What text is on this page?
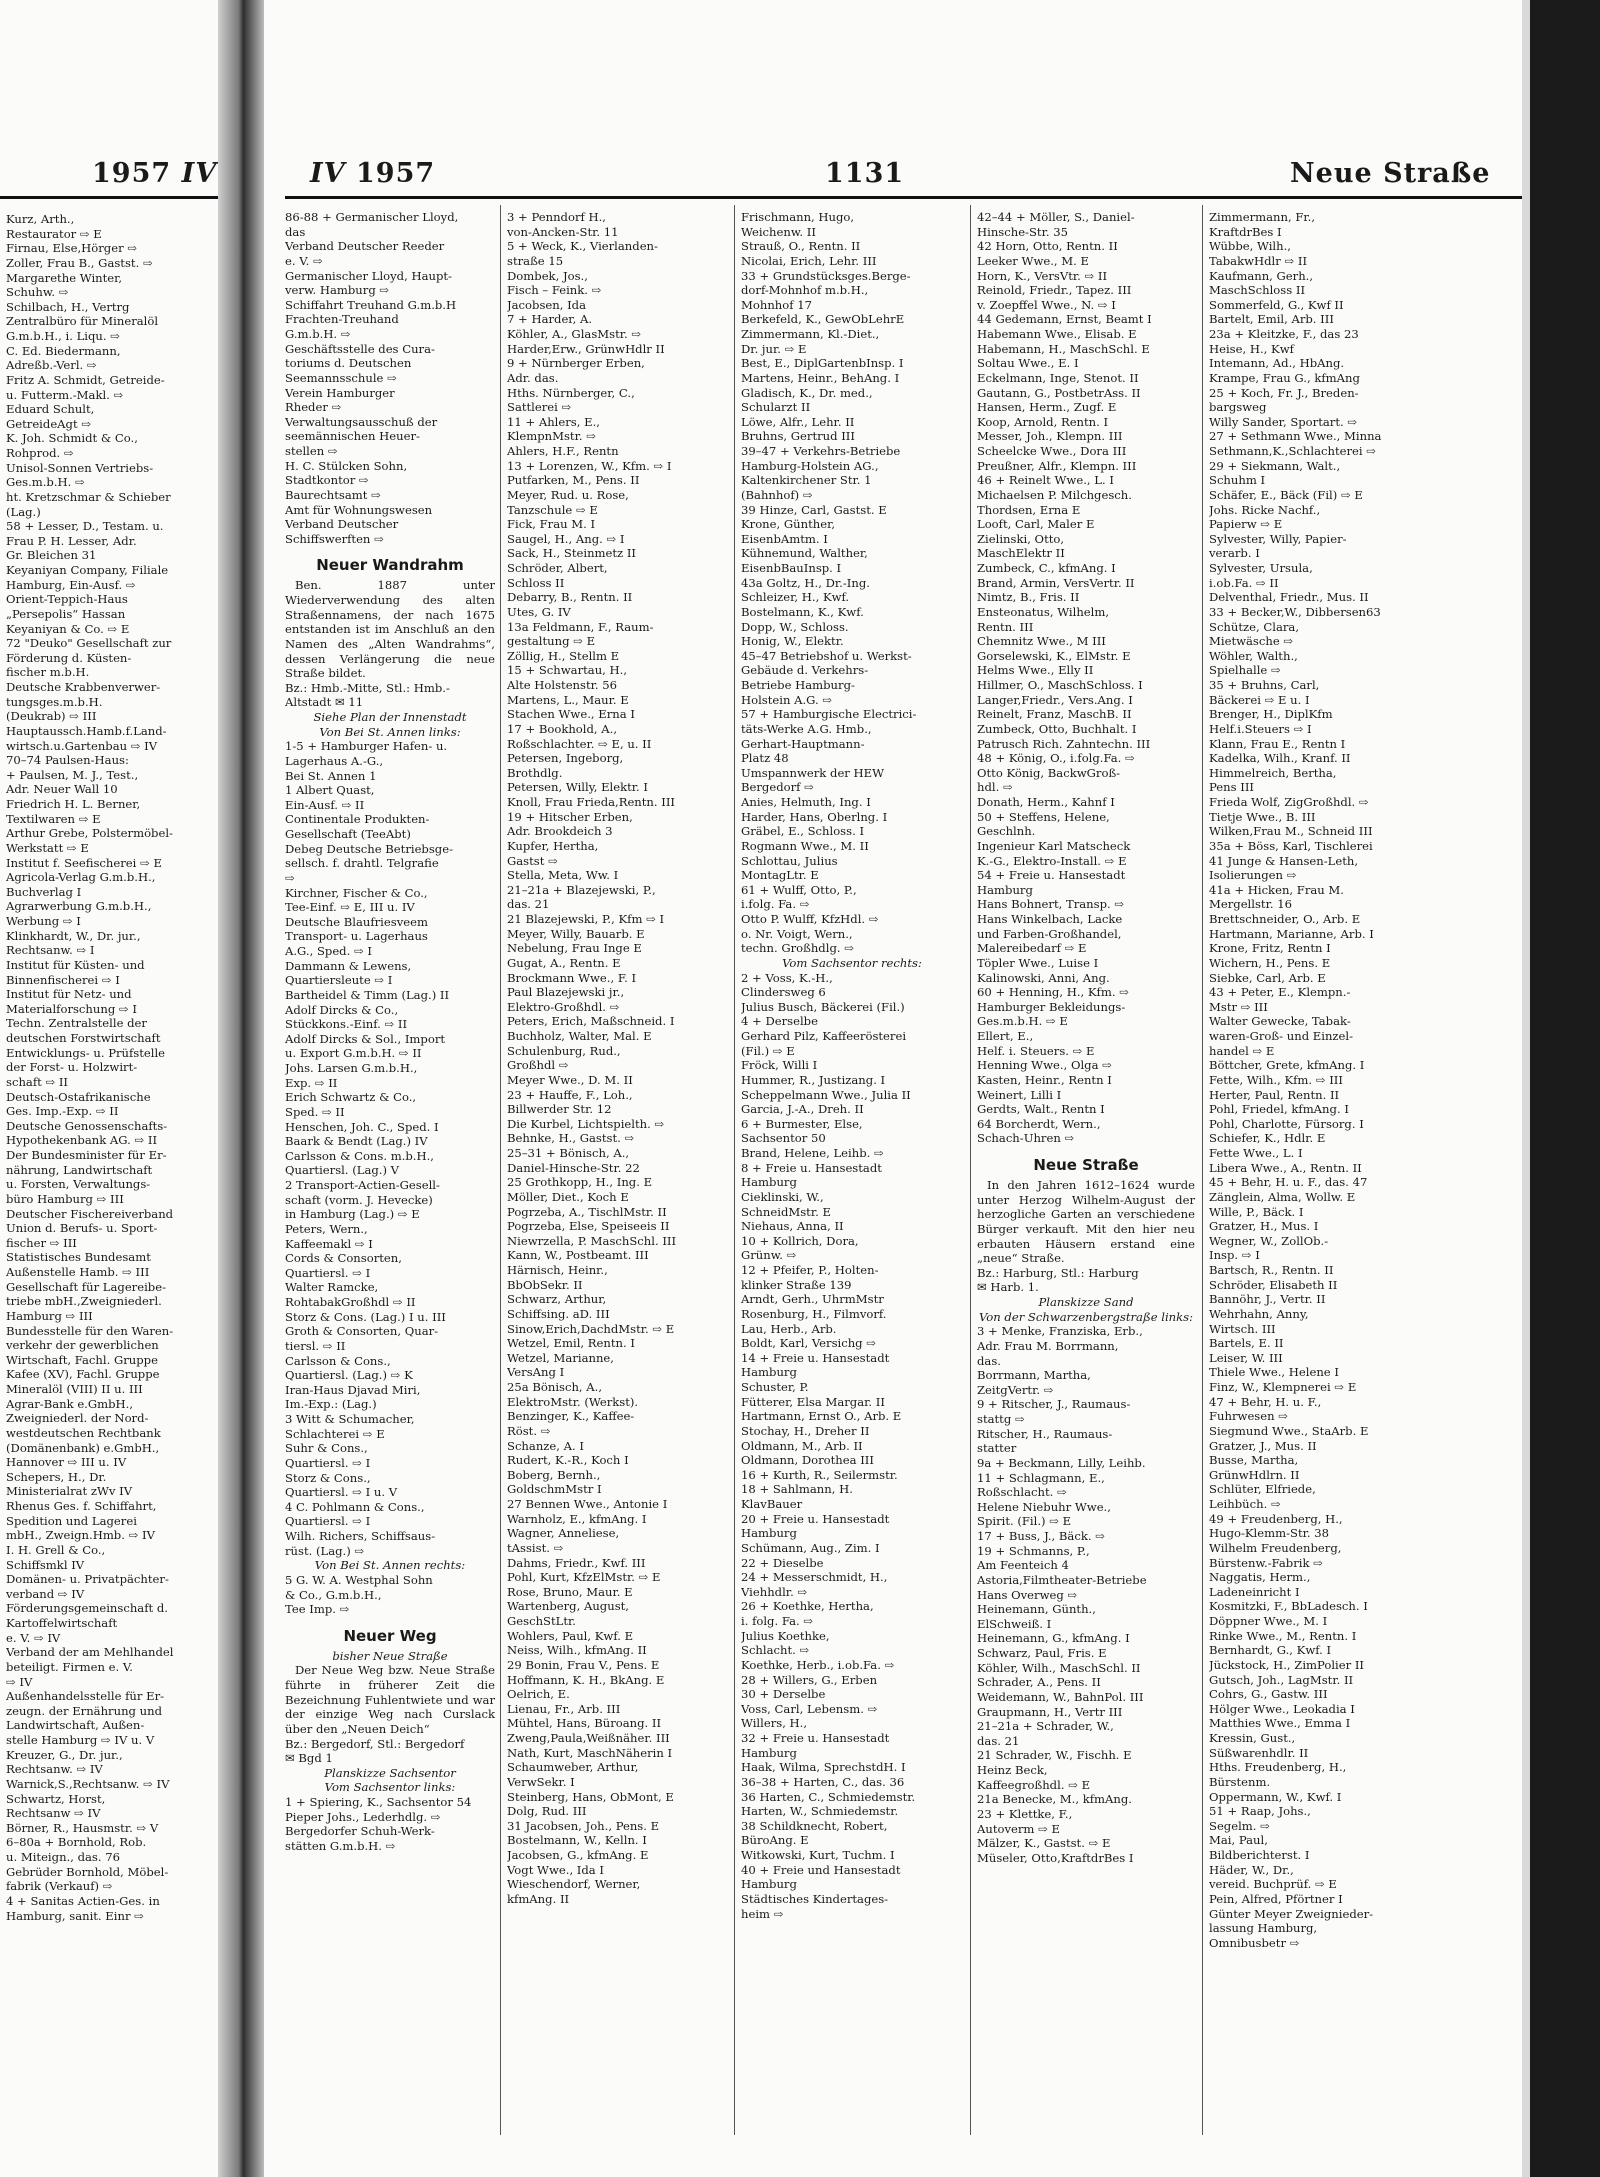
1957 IV

Kurz, Arth.,

Restaurator ⇨ E

Firnau, Else,Hörger ⇨

Zoller, Frau B., Gastst. ⇨

Margarethe Winter,

Schuhw. ⇨

Schilbach, H., Vertrg

Zentralbüro für Mineralöl

G.m.b.H., i. Liqu. ⇨

C. Ed. Biedermann,

Adreßb.-Verl. ⇨

Fritz A. Schmidt, Getreide-

u. Futterm.-Makl. ⇨

Eduard Schult,

GetreideAgt ⇨

K. Joh. Schmidt & Co.,

Rohprod. ⇨

Unisol-Sonnen Vertriebs-

Ges.m.b.H. ⇨

ht. Kretzschmar & Schieber

(Lag.)

58 + Lesser, D., Testam. u.

Frau P. H. Lesser, Adr.

Gr. Bleichen 31

Keyaniyan Company, Filiale

Hamburg, Ein-Ausf. ⇨

Orient-Teppich-Haus

„Persepolis“ Hassan

Keyaniyan & Co. ⇨ E

72 "Deuko" Gesellschaft zur

Förderung d. Küsten-

fischer m.b.H.

Deutsche Krabbenverwer-

tungsges.m.b.H.

(Deukrab) ⇨ III

Hauptaussch.Hamb.f.Land-

wirtsch.u.Gartenbau ⇨ IV

70–74 Paulsen-Haus:

+ Paulsen, M. J., Test.,

Adr. Neuer Wall 10

Friedrich H. L. Berner,

Textilwaren ⇨ E

Arthur Grebe, Polstermöbel-

Werkstatt ⇨ E

Institut f. Seefischerei ⇨ E

Agricola-Verlag G.m.b.H.,

Buchverlag I

Agrarwerbung G.m.b.H.,

Werbung ⇨ I

Klinkhardt, W., Dr. jur.,

Rechtsanw. ⇨ I

Institut für Küsten- und

Binnenfischerei ⇨ I

Institut für Netz- und

Materialforschung ⇨ I

Techn. Zentralstelle der

deutschen Forstwirtschaft

Entwicklungs- u. Prüfstelle

der Forst- u. Holzwirt-

schaft ⇨ II

Deutsch-Ostafrikanische

Ges. Imp.-Exp. ⇨ II

Deutsche Genossenschafts-

Hypothekenbank AG. ⇨ II

Der Bundesminister für Er-

nährung, Landwirtschaft

u. Forsten, Verwaltungs-

büro Hamburg ⇨ III

Deutscher Fischereiverband

Union d. Berufs- u. Sport-

fischer ⇨ III

Statistisches Bundesamt

Außenstelle Hamb. ⇨ III

Gesellschaft für Lagereibe-

triebe mbH.,Zweigniederl.

Hamburg ⇨ III

Bundesstelle für den Waren-

verkehr der gewerblichen

Wirtschaft, Fachl. Gruppe

Kafee (XV), Fachl. Gruppe

Mineralöl (VIII) II u. III

Agrar-Bank e.GmbH.,

Zweigniederl. der Nord-

westdeutschen Rechtbank

(Domänenbank) e.GmbH.,

Hannover ⇨ III u. IV

Schepers, H., Dr.

Ministerialrat zWv IV

Rhenus Ges. f. Schiffahrt,

Spedition und Lagerei

mbH., Zweign.Hmb. ⇨ IV

I. H. Grell & Co.,

Schiffsmkl IV

Domänen- u. Privatpächter-

verband ⇨ IV

Förderungsgemeinschaft d.

Kartoffelwirtschaft

e. V. ⇨ IV

Verband der am Mehlhandel

beteiligt. Firmen e. V.

⇨ IV

Außenhandelsstelle für Er-

zeugn. der Ernährung und

Landwirtschaft, Außen-

stelle Hamburg ⇨ IV u. V

Kreuzer, G., Dr. jur.,

Rechtsanw. ⇨ IV

Warnick,S.,Rechtsanw. ⇨ IV

Schwartz, Horst,

Rechtsanw ⇨ IV

Börner, R., Hausmstr. ⇨ V

6–80a + Bornhold, Rob.

u. Miteign., das. 76

Gebrüder Bornhold, Möbel-

fabrik (Verkauf) ⇨

4 + Sanitas Actien-Ges. in

Hamburg, sanit. Einr ⇨

IV 1957	1131	Neue Straße

86-88 + Germanischer Lloyd,

das

Verband Deutscher Reeder

e. V. ⇨

Germanischer Lloyd, Haupt-

verw. Hamburg ⇨

Schiffahrt Treuhand G.m.b.H

Frachten-Treuhand

G.m.b.H. ⇨

Geschäftsstelle des Cura-

toriums d. Deutschen

Seemannsschule ⇨

Verein Hamburger

Rheder ⇨

Verwaltungsausschuß der

seemännischen Heuer-

stellen ⇨

H. C. Stülcken Sohn,

Stadtkontor ⇨

Baurechtsamt ⇨

Amt für Wohnungswesen

Verband Deutscher

Schiffswerften ⇨

Neuer Wandrahm

Ben. 1887 unter Wiederverwendung des alten Straßennamens, der nach 1675 entstanden ist im Anschluß an den Namen des „Alten Wandrahms“, dessen Verlängerung die neue Straße bildet.

Bz.: Hmb.-Mitte, Stl.: Hmb.-

Altstadt ✉ 11

Siehe Plan der Innenstadt

Von Bei St. Annen links:

1-5 + Hamburger Hafen- u.

Lagerhaus A.-G.,

Bei St. Annen 1

1 Albert Quast,

Ein-Ausf. ⇨ II

Continentale Produkten-

Gesellschaft (TeeAbt)

Debeg Deutsche Betriebsge-

sellsch. f. drahtl. Telgrafie

⇨

Kirchner, Fischer & Co.,

Tee-Einf. ⇨ E, III u. IV

Deutsche Blaufriesveem

Transport- u. Lagerhaus

A.G., Sped. ⇨ I

Dammann & Lewens,

Quartiersleute ⇨ I

Bartheidel & Timm (Lag.) II

Adolf Dircks & Co.,

Stückkons.-Einf. ⇨ II

Adolf Dircks & Sol., Import

u. Export G.m.b.H. ⇨ II

Johs. Larsen G.m.b.H.,

Exp. ⇨ II

Erich Schwartz & Co.,

Sped. ⇨ II

Henschen, Joh. C., Sped. I

Baark & Bendt (Lag.) IV

Carlsson & Cons. m.b.H.,

Quartiersl. (Lag.) V

2 Transport-Actien-Gesell-

schaft (vorm. J. Hevecke)

in Hamburg (Lag.) ⇨ E

Peters, Wern.,

Kaffeemakl ⇨ I

Cords & Consorten,

Quartiersl. ⇨ I

Walter Ramcke,

RohtabakGroßhdl ⇨ II

Storz & Cons. (Lag.) I u. III

Groth & Consorten, Quar-

tiersl. ⇨ II

Carlsson & Cons.,

Quartiersl. (Lag.) ⇨ K

Iran-Haus Djavad Miri,

Im.-Exp.: (Lag.)

3 Witt & Schumacher,

Schlachterei ⇨ E

Suhr & Cons.,

Quartiersl. ⇨ I

Storz & Cons.,

Quartiersl. ⇨ I u. V

4 C. Pohlmann & Cons.,

Quartiersl. ⇨ I

Wilh. Richers, Schiffsaus-

rüst. (Lag.) ⇨

Von Bei St. Annen rechts:

5 G. W. A. Westphal Sohn

& Co., G.m.b.H.,

Tee Imp. ⇨

Neuer Weg

bisher Neue Straße

Der Neue Weg bzw. Neue Straße führte in früherer Zeit die Bezeichnung Fuhlentwiete und war der einzige Weg nach Curslack über den „Neuen Deich“

Bz.: Bergedorf, Stl.: Bergedorf

✉ Bgd 1

Planskizze Sachsentor

Vom Sachsentor links:

1 + Spiering, K., Sachsentor 54

Pieper Johs., Lederhdlg. ⇨

Bergedorfer Schuh-Werk-

stätten G.m.b.H. ⇨

3 + Penndorf H.,

von-Ancken-Str. 11

5 + Weck, K., Vierlanden-

straße 15

Dombek, Jos.,

Fisch – Feink. ⇨

Jacobsen, Ida

7 + Harder, A.

Köhler, A., GlasMstr. ⇨

Harder,Erw., GrünwHdlr II

9 + Nürnberger Erben,

Adr. das.

Hths. Nürnberger, C.,

Sattlerei ⇨

11 + Ahlers, E.,

KlempnMstr. ⇨

Ahlers, H.F., Rentn

13 + Lorenzen, W., Kfm. ⇨ I

Putfarken, M., Pens. II

Meyer, Rud. u. Rose,

Tanzschule ⇨ E

Fick, Frau M. I

Saugel, H., Ang. ⇨ I

Sack, H., Steinmetz II

Schröder, Albert,

Schloss II

Debarry, B., Rentn. II

Utes, G. IV

13a Feldmann, F., Raum-

gestaltung ⇨ E

Zöllig, H., Stellm E

15 + Schwartau, H.,

Alte Holstenstr. 56

Martens, L., Maur. E

Stachen Wwe., Erna I

17 + Bookhold, A.,

Roßschlachter. ⇨ E, u. II

Petersen, Ingeborg,

Brothdlg.

Petersen, Willy, Elektr. I

Knoll, Frau Frieda,Rentn. III

19 + Hitscher Erben,

Adr. Brookdeich 3

Kupfer, Hertha,

Gastst ⇨

Stella, Meta, Ww. I

21–21a + Blazejewski, P.,

das. 21

21 Blazejewski, P., Kfm ⇨ I

Meyer, Willy, Bauarb. E

Nebelung, Frau Inge E

Gugat, A., Rentn. E

Brockmann Wwe., F. I

Paul Blazejewski jr.,

Elektro-Großhdl. ⇨

Peters, Erich, Maßschneid. I

Buchholz, Walter, Mal. E

Schulenburg, Rud.,

Großhdl ⇨

Meyer Wwe., D. M. II

23 + Hauffe, F., Loh.,

Billwerder Str. 12

Die Kurbel, Lichtspielth. ⇨

Behnke, H., Gastst. ⇨

25–31 + Bönisch, A.,

Daniel-Hinsche-Str. 22

25 Grothkopp, H., Ing. E

Möller, Diet., Koch E

Pogrzeba, A., TischlMstr. II

Pogrzeba, Else, Speiseeis II

Niewrzella, P. MaschSchl. III

Kann, W., Postbeamt. III

Härnisch, Heinr.,

BbObSekr. II

Schwarz, Arthur,

Schiffsing. aD. III

Sinow,Erich,DachdMstr. ⇨ E

Wetzel, Emil, Rentn. I

Wetzel, Marianne,

VersAng I

25a Bönisch, A.,

ElektroMstr. (Werkst).

Benzinger, K., Kaffee-

Röst. ⇨

Schanze, A. I

Rudert, K.-R., Koch I

Boberg, Bernh.,

GoldschmMstr I

27 Bennen Wwe., Antonie I

Warnholz, E., kfmAng. I

Wagner, Anneliese,

tAssist. ⇨

Dahms, Friedr., Kwf. III

Pohl, Kurt, KfzElMstr. ⇨ E

Rose, Bruno, Maur. E

Wartenberg, August,

GeschStLtr.

Wohlers, Paul, Kwf. E

Neiss, Wilh., kfmAng. II

29 Bonin, Frau V., Pens. E

Hoffmann, K. H., BkAng. E

Oelrich, E.

Lienau, Fr., Arb. III

Mühtel, Hans, Büroang. II

Zweng,Paula,Weißnäher. III

Nath, Kurt, MaschNäherin I

Schaumweber, Arthur,

VerwSekr. I

Steinberg, Hans, ObMont, E

Dolg, Rud. III

31 Jacobsen, Joh., Pens. E

Bostelmann, W., Kelln. I

Jacobsen, G., kfmAng. E

Vogt Wwe., Ida I

Wieschendorf, Werner,

kfmAng. II

Frischmann, Hugo,

Weichenw. II

Strauß, O., Rentn. II

Nicolai, Erich, Lehr. III

33 + Grundstücksges.Berge-

dorf-Mohnhof m.b.H.,

Mohnhof 17

Berkefeld, K., GewObLehrE

Zimmermann, Kl.-Diet.,

Dr. jur. ⇨ E

Best, E., DiplGartenbInsp. I

Martens, Heinr., BehAng. I

Gladisch, K., Dr. med.,

Schularzt II

Löwe, Alfr., Lehr. II

Bruhns, Gertrud III

39–47 + Verkehrs-Betriebe

Hamburg-Holstein AG.,

Kaltenkirchener Str. 1

(Bahnhof) ⇨

39 Hinze, Carl, Gastst. E

Krone, Günther,

EisenbAmtm. I

Kühnemund, Walther,

EisenbBauInsp. I

43a Goltz, H., Dr.-Ing.

Schleizer, H., Kwf.

Bostelmann, K., Kwf.

Dopp, W., Schloss.

Honig, W., Elektr.

45–47 Betriebshof u. Werkst-

Gebäude d. Verkehrs-

Betriebe Hamburg-

Holstein A.G. ⇨

57 + Hamburgische Electrici-

täts-Werke A.G. Hmb.,

Gerhart-Hauptmann-

Platz 48

Umspannwerk der HEW

Bergedorf ⇨

Anies, Helmuth, Ing. I

Harder, Hans, Oberlng. I

Gräbel, E., Schloss. I

Rogmann Wwe., M. II

Schlottau, Julius

MontagLtr. E

61 + Wulff, Otto, P.,

i.folg. Fa. ⇨

Otto P. Wulff, KfzHdl. ⇨

o. Nr. Voigt, Wern.,

techn. Großhdlg. ⇨

Vom Sachsentor rechts:

2 + Voss, K.-H.,

Clindersweg 6

Julius Busch, Bäckerei (Fil.)

4 + Derselbe

Gerhard Pilz, Kaffeerösterei

(Fil.) ⇨ E

Fröck, Willi I

Hummer, R., Justizang. I

Scheppelmann Wwe., Julia II

Garcia, J.-A., Dreh. II

6 + Burmester, Else,

Sachsentor 50

Brand, Helene, Leihb. ⇨

8 + Freie u. Hansestadt

Hamburg

Cieklinski, W.,

SchneidMstr. E

Niehaus, Anna, II

10 + Kollrich, Dora,

Grünw. ⇨

12 + Pfeifer, P., Holten-

klinker Straße 139

Arndt, Gerh., UhrmMstr

Rosenburg, H., Filmvorf.

Lau, Herb., Arb.

Boldt, Karl, Versichg ⇨

14 + Freie u. Hansestadt

Hamburg

Schuster, P.

Fütterer, Elsa Margar. II

Hartmann, Ernst O., Arb. E

Stochay, H., Dreher II

Oldmann, M., Arb. II

Oldmann, Dorothea III

16 + Kurth, R., Seilermstr.

18 + Sahlmann, H.

KlavBauer

20 + Freie u. Hansestadt

Hamburg

Schümann, Aug., Zim. I

22 + Dieselbe

24 + Messerschmidt, H.,

Viehhdlr. ⇨

26 + Koethke, Hertha,

i. folg. Fa. ⇨

Julius Koethke,

Schlacht. ⇨

Koethke, Herb., i.ob.Fa. ⇨

28 + Willers, G., Erben

30 + Derselbe

Voss, Carl, Lebensm. ⇨

Willers, H.,

32 + Freie u. Hansestadt

Hamburg

Haak, Wilma, SprechstdH. I

36–38 + Harten, C., das. 36

36 Harten, C., Schmiedemstr.

Harten, W., Schmiedemstr.

38 Schildknecht, Robert,

BüroAng. E

Witkowski, Kurt, Tuchm. I

40 + Freie und Hansestadt

Hamburg

Städtisches Kindertages-

heim ⇨

42–44 + Möller, S., Daniel-

Hinsche-Str. 35

42 Horn, Otto, Rentn. II

Leeker Wwe., M. E

Horn, K., VersVtr. ⇨ II

Reinold, Friedr., Tapez. III

v. Zoepffel Wwe., N. ⇨ I

44 Gedemann, Ernst, Beamt I

Habemann Wwe., Elisab. E

Habemann, H., MaschSchl. E

Soltau Wwe., E. I

Eckelmann, Inge, Stenot. II

Gautann, G., PostbetrAss. II

Hansen, Herm., Zugf. E

Koop, Arnold, Rentn. I

Messer, Joh., Klempn. III

Scheelcke Wwe., Dora III

Preußner, Alfr., Klempn. III

46 + Reinelt Wwe., L. I

Michaelsen P. Milchgesch.

Thordsen, Erna E

Looft, Carl, Maler E

Zielinski, Otto,

MaschElektr II

Zumbeck, C., kfmAng. I

Brand, Armin, VersVertr. II

Nimtz, B., Fris. II

Ensteonatus, Wilhelm,

Rentn. III

Chemnitz Wwe., M III

Gorselewski, K., ElMstr. E

Helms Wwe., Elly II

Hillmer, O., MaschSchloss. I

Langer,Friedr., Vers.Ang. I

Reinelt, Franz, MaschB. II

Zumbeck, Otto, Buchhalt. I

Patrusch Rich. Zahntechn. III

48 + König, O., i.folg.Fa. ⇨

Otto König, BackwGroß-

hdl. ⇨

Donath, Herm., Kahnf I

50 + Steffens, Helene,

Geschlnh.

Ingenieur Karl Matscheck

K.-G., Elektro-Install. ⇨ E

54 + Freie u. Hansestadt

Hamburg

Hans Bohnert, Transp. ⇨

Hans Winkelbach, Lacke

und Farben-Großhandel,

Malereibedarf ⇨ E

Töpler Wwe., Luise I

Kalinowski, Anni, Ang.

60 + Henning, H., Kfm. ⇨

Hamburger Bekleidungs-

Ges.m.b.H. ⇨ E

Ellert, E.,

Helf. i. Steuers. ⇨ E

Henning Wwe., Olga ⇨

Kasten, Heinr., Rentn I

Weinert, Lilli I

Gerdts, Walt., Rentn I

64 Borcherdt, Wern.,

Schach-Uhren ⇨

Neue Straße

In den Jahren 1612–1624 wurde unter Herzog Wilhelm-August der herzogliche Garten an verschiedene Bürger verkauft. Mit den hier neu erbauten Häusern erstand eine „neue“ Straße.

Bz.: Harburg, Stl.: Harburg

✉ Harb. 1.

Planskizze Sand

Von der Schwarzenbergstraße links:

3 + Menke, Franziska, Erb.,

Adr. Frau M. Borrmann,

das.

Borrmann, Martha,

ZeitgVertr. ⇨

9 + Ritscher, J., Raumaus-

stattg ⇨

Ritscher, H., Raumaus-

statter

9a + Beckmann, Lilly, Leihb.

11 + Schlagmann, E.,

Roßschlacht. ⇨

Helene Niebuhr Wwe.,

Spirit. (Fil.) ⇨ E

17 + Buss, J., Bäck. ⇨

19 + Schmanns, P.,

Am Feenteich 4

Astoria,Filmtheater-Betriebe

Hans Overweg ⇨

Heinemann, Günth.,

ElSchweiß. I

Heinemann, G., kfmAng. I

Schwarz, Paul, Fris. E

Köhler, Wilh., MaschSchl. II

Schrader, A., Pens. II

Weidemann, W., BahnPol. III

Graupmann, H., Vertr III

21–21a + Schrader, W.,

das. 21

21 Schrader, W., Fischh. E

Heinz Beck,

Kaffeegroßhdl. ⇨ E

21a Benecke, M., kfmAng.

23 + Klettke, F.,

Autoverm ⇨ E

Mälzer, K., Gastst. ⇨ E

Müseler, Otto,KraftdrBes I

Zimmermann, Fr.,

KraftdrBes I

Wübbe, Wilh.,

TabakwHdlr ⇨ II

Kaufmann, Gerh.,

MaschSchloss II

Sommerfeld, G., Kwf II

Bartelt, Emil, Arb. III

23a + Kleitzke, F., das 23

Heise, H., Kwf

Intemann, Ad., HbAng.

Krampe, Frau G., kfmAng

25 + Koch, Fr. J., Breden-

bargsweg

Willy Sander, Sportart. ⇨

27 + Sethmann Wwe., Minna

Sethmann,K.,Schlachterei ⇨

29 + Siekmann, Walt.,

Schuhm I

Schäfer, E., Bäck (Fil) ⇨ E

Johs. Ricke Nachf.,

Papierw ⇨ E

Sylvester, Willy, Papier-

verarb. I

Sylvester, Ursula,

i.ob.Fa. ⇨ II

Delventhal, Friedr., Mus. II

33 + Becker,W., Dibbersen63

Schütze, Clara,

Mietwäsche ⇨

Wöhler, Walth.,

Spielhalle ⇨

35 + Bruhns, Carl,

Bäckerei ⇨ E u. I

Brenger, H., DiplKfm

Helf.i.Steuers ⇨ I

Klann, Frau E., Rentn I

Kadelka, Wilh., Kranf. II

Himmelreich, Bertha,

Pens III

Frieda Wolf, ZigGroßhdl. ⇨

Tietje Wwe., B. III

Wilken,Frau M., Schneid III

35a + Böss, Karl, Tischlerei

41 Junge & Hansen-Leth,

Isolierungen ⇨

41a + Hicken, Frau M.

Mergellstr. 16

Brettschneider, O., Arb. E

Hartmann, Marianne, Arb. I

Krone, Fritz, Rentn I

Wichern, H., Pens. E

Siebke, Carl, Arb. E

43 + Peter, E., Klempn.-

Mstr ⇨ III

Walter Gewecke, Tabak-

waren-Groß- und Einzel-

handel ⇨ E

Böttcher, Grete, kfmAng. I

Fette, Wilh., Kfm. ⇨ III

Herter, Paul, Rentn. II

Pohl, Friedel, kfmAng. I

Pohl, Charlotte, Fürsorg. I

Schiefer, K., Hdlr. E

Fette Wwe., L. I

Libera Wwe., A., Rentn. II

45 + Behr, H. u. F., das. 47

Zänglein, Alma, Wollw. E

Wille, P., Bäck. I

Gratzer, H., Mus. I

Wegner, W., ZollOb.-

Insp. ⇨ I

Bartsch, R., Rentn. II

Schröder, Elisabeth II

Bannöhr, J., Vertr. II

Wehrhahn, Anny,

Wirtsch. III

Bartels, E. II

Leiser, W. III

Thiele Wwe., Helene I

Finz, W., Klempnerei ⇨ E

47 + Behr, H. u. F.,

Fuhrwesen ⇨

Siegmund Wwe., StaArb. E

Gratzer, J., Mus. II

Busse, Martha,

GrünwHdlrn. II

Schlüter, Elfriede,

Leihbüch. ⇨

49 + Freudenberg, H.,

Hugo-Klemm-Str. 38

Wilhelm Freudenberg,

Bürstenw.-Fabrik ⇨

Naggatis, Herm.,

Ladeneinricht I

Kosmitzki, F., BbLadesch. I

Döppner Wwe., M. I

Rinke Wwe., M., Rentn. I

Bernhardt, G., Kwf. I

Jückstock, H., ZimPolier II

Gutsch, Joh., LagMstr. II

Cohrs, G., Gastw. III

Hölger Wwe., Leokadia I

Matthies Wwe., Emma I

Kressin, Gust.,

Süßwarenhdlr. II

Hths. Freudenberg, H.,

Bürstenm.

Oppermann, W., Kwf. I

51 + Raap, Johs.,

Segelm. ⇨

Mai, Paul,

Bildberichterst. I

Häder, W., Dr.,

vereid. Buchprüf. ⇨ E

Pein, Alfred, Pförtner I

Günter Meyer Zweignieder-

lassung Hamburg,

Omnibusbetr ⇨
